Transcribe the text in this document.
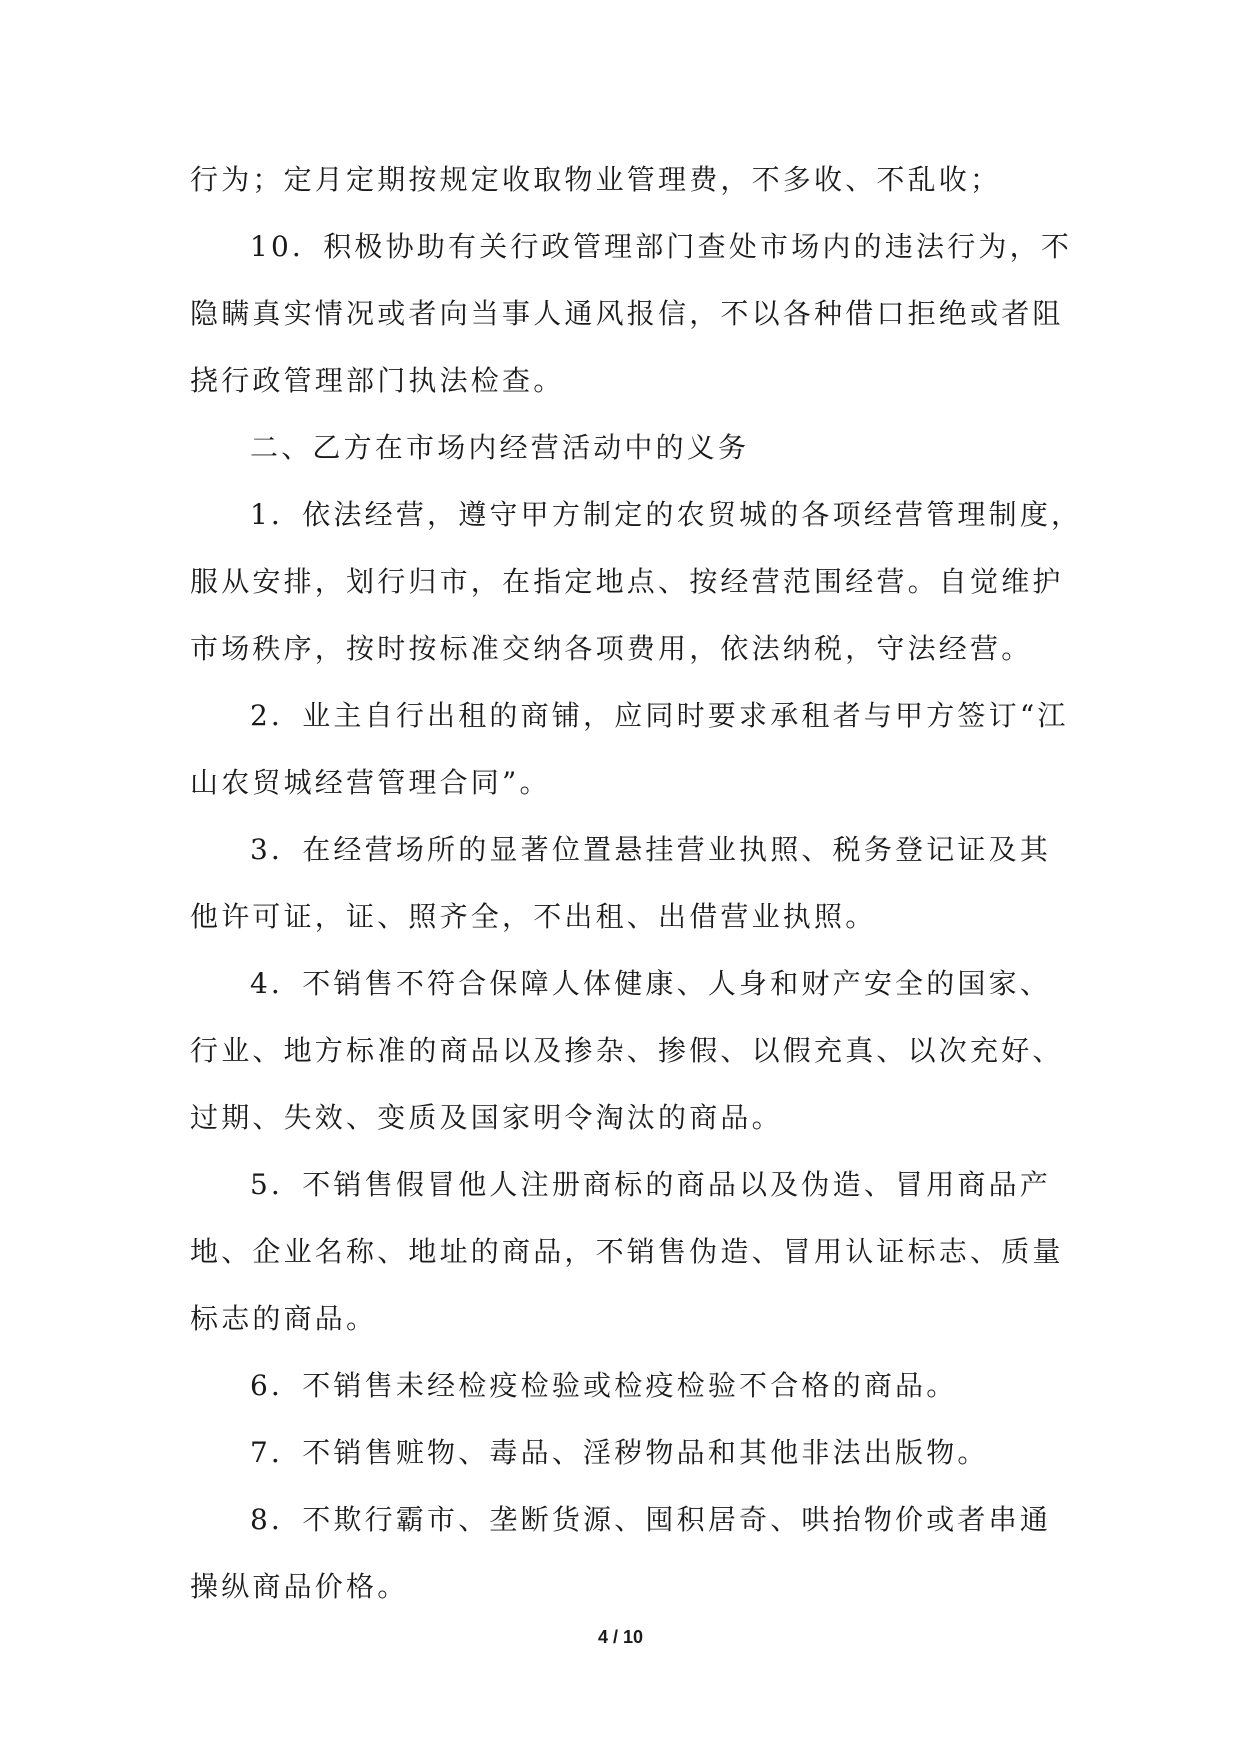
行为；定月定期按规定收取物业管理费，不多收、不乱收；
10．积极协助有关行政管理部门查处市场内的违法行为，不
隐瞒真实情况或者向当事人通风报信，不以各种借口拒绝或者阻
挠行政管理部门执法检查。
二、乙方在市场内经营活动中的义务
1．依法经营，遵守甲方制定的农贸城的各项经营管理制度，
服从安排，划行归市，在指定地点、按经营范围经营。自觉维护
市场秩序，按时按标准交纳各项费用，依法纳税，守法经营。
2．业主自行出租的商铺，应同时要求承租者与甲方签订“江
山农贸城经营管理合同”。
3．在经营场所的显著位置悬挂营业执照、税务登记证及其
他许可证，证、照齐全，不出租、出借营业执照。
4．不销售不符合保障人体健康、人身和财产安全的国家、
行业、地方标准的商品以及掺杂、掺假、以假充真、以次充好、
过期、失效、变质及国家明令淘汰的商品。
5．不销售假冒他人注册商标的商品以及伪造、冒用商品产
地、企业名称、地址的商品，不销售伪造、冒用认证标志、质量
标志的商品。
6．不销售未经检疫检验或检疫检验不合格的商品。
7．不销售赃物、毒品、淫秽物品和其他非法出版物。
8．不欺行霸市、垄断货源、囤积居奇、哄抬物价或者串通
操纵商品价格。
4 / 10
